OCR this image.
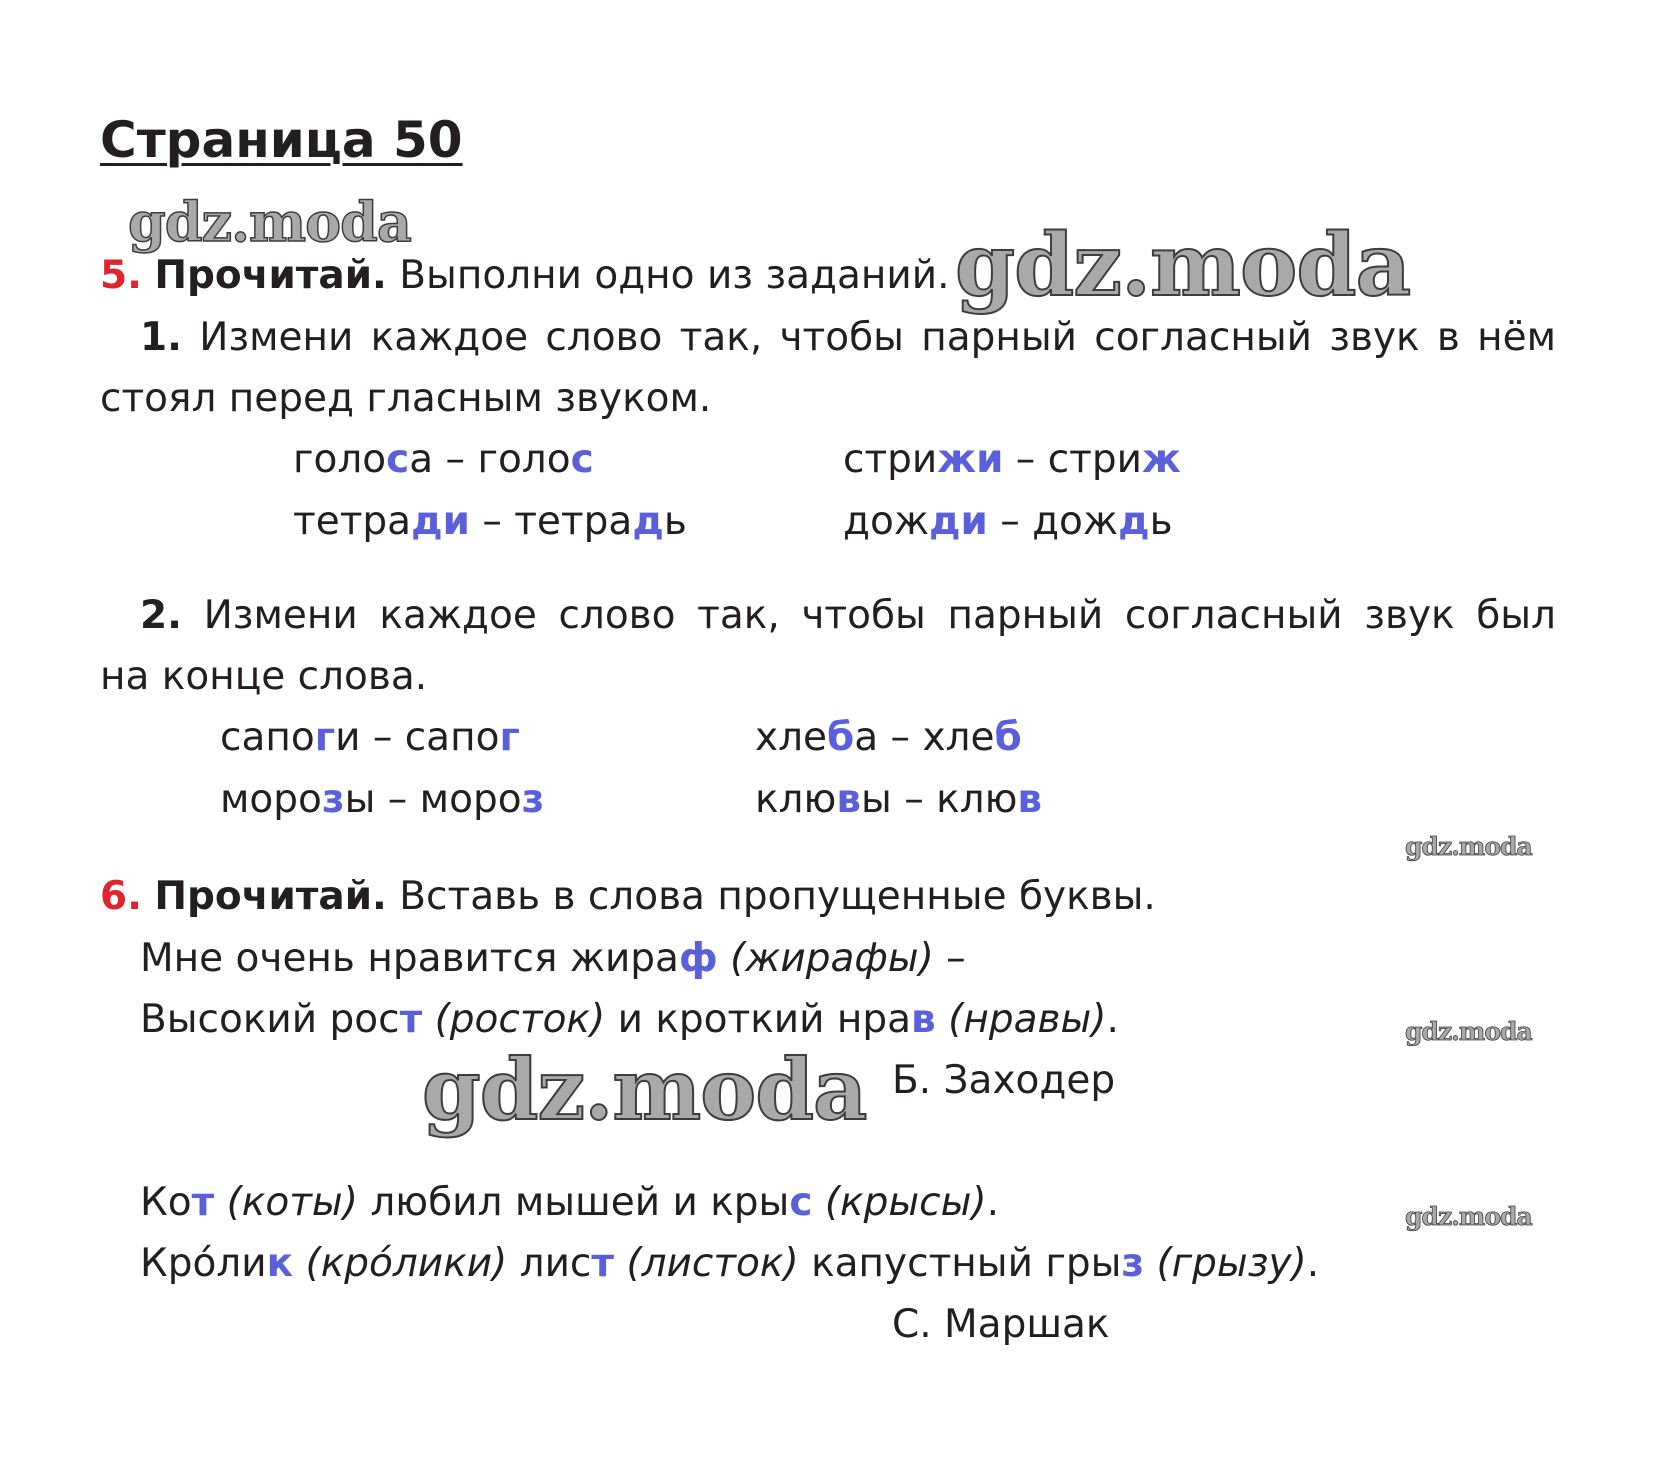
Страница 50
gdz.moda	gdz.moda
gdz.moda
gdz.moda
gdz.moda
gdz.moda
5. Прочитай. Выполни одно из заданий.
1. Измени каждое слово так, чтобы парный согласный звук в нём
стоял перед гласным звуком.
голоса – голос	стрижи – стриж
тетради – тетрадь	дожди – дождь
2. Измени каждое слово так, чтобы парный согласный звук был
на конце слова.
сапоги – сапог	хлеба – хлеб
морозы – мороз	клювы – клюв
6. Прочитай. Вставь в слова пропущенные буквы.
Мне очень нравится жираф (жирафы) –
Высокий рост (росток) и кроткий нрав (нравы).
Б. Заходер
Кот (коты) любил мышей и крыс (крысы).
Кро́лик (кро́лики) лист (листок) капустный грыз (грызу).
С. Маршак
